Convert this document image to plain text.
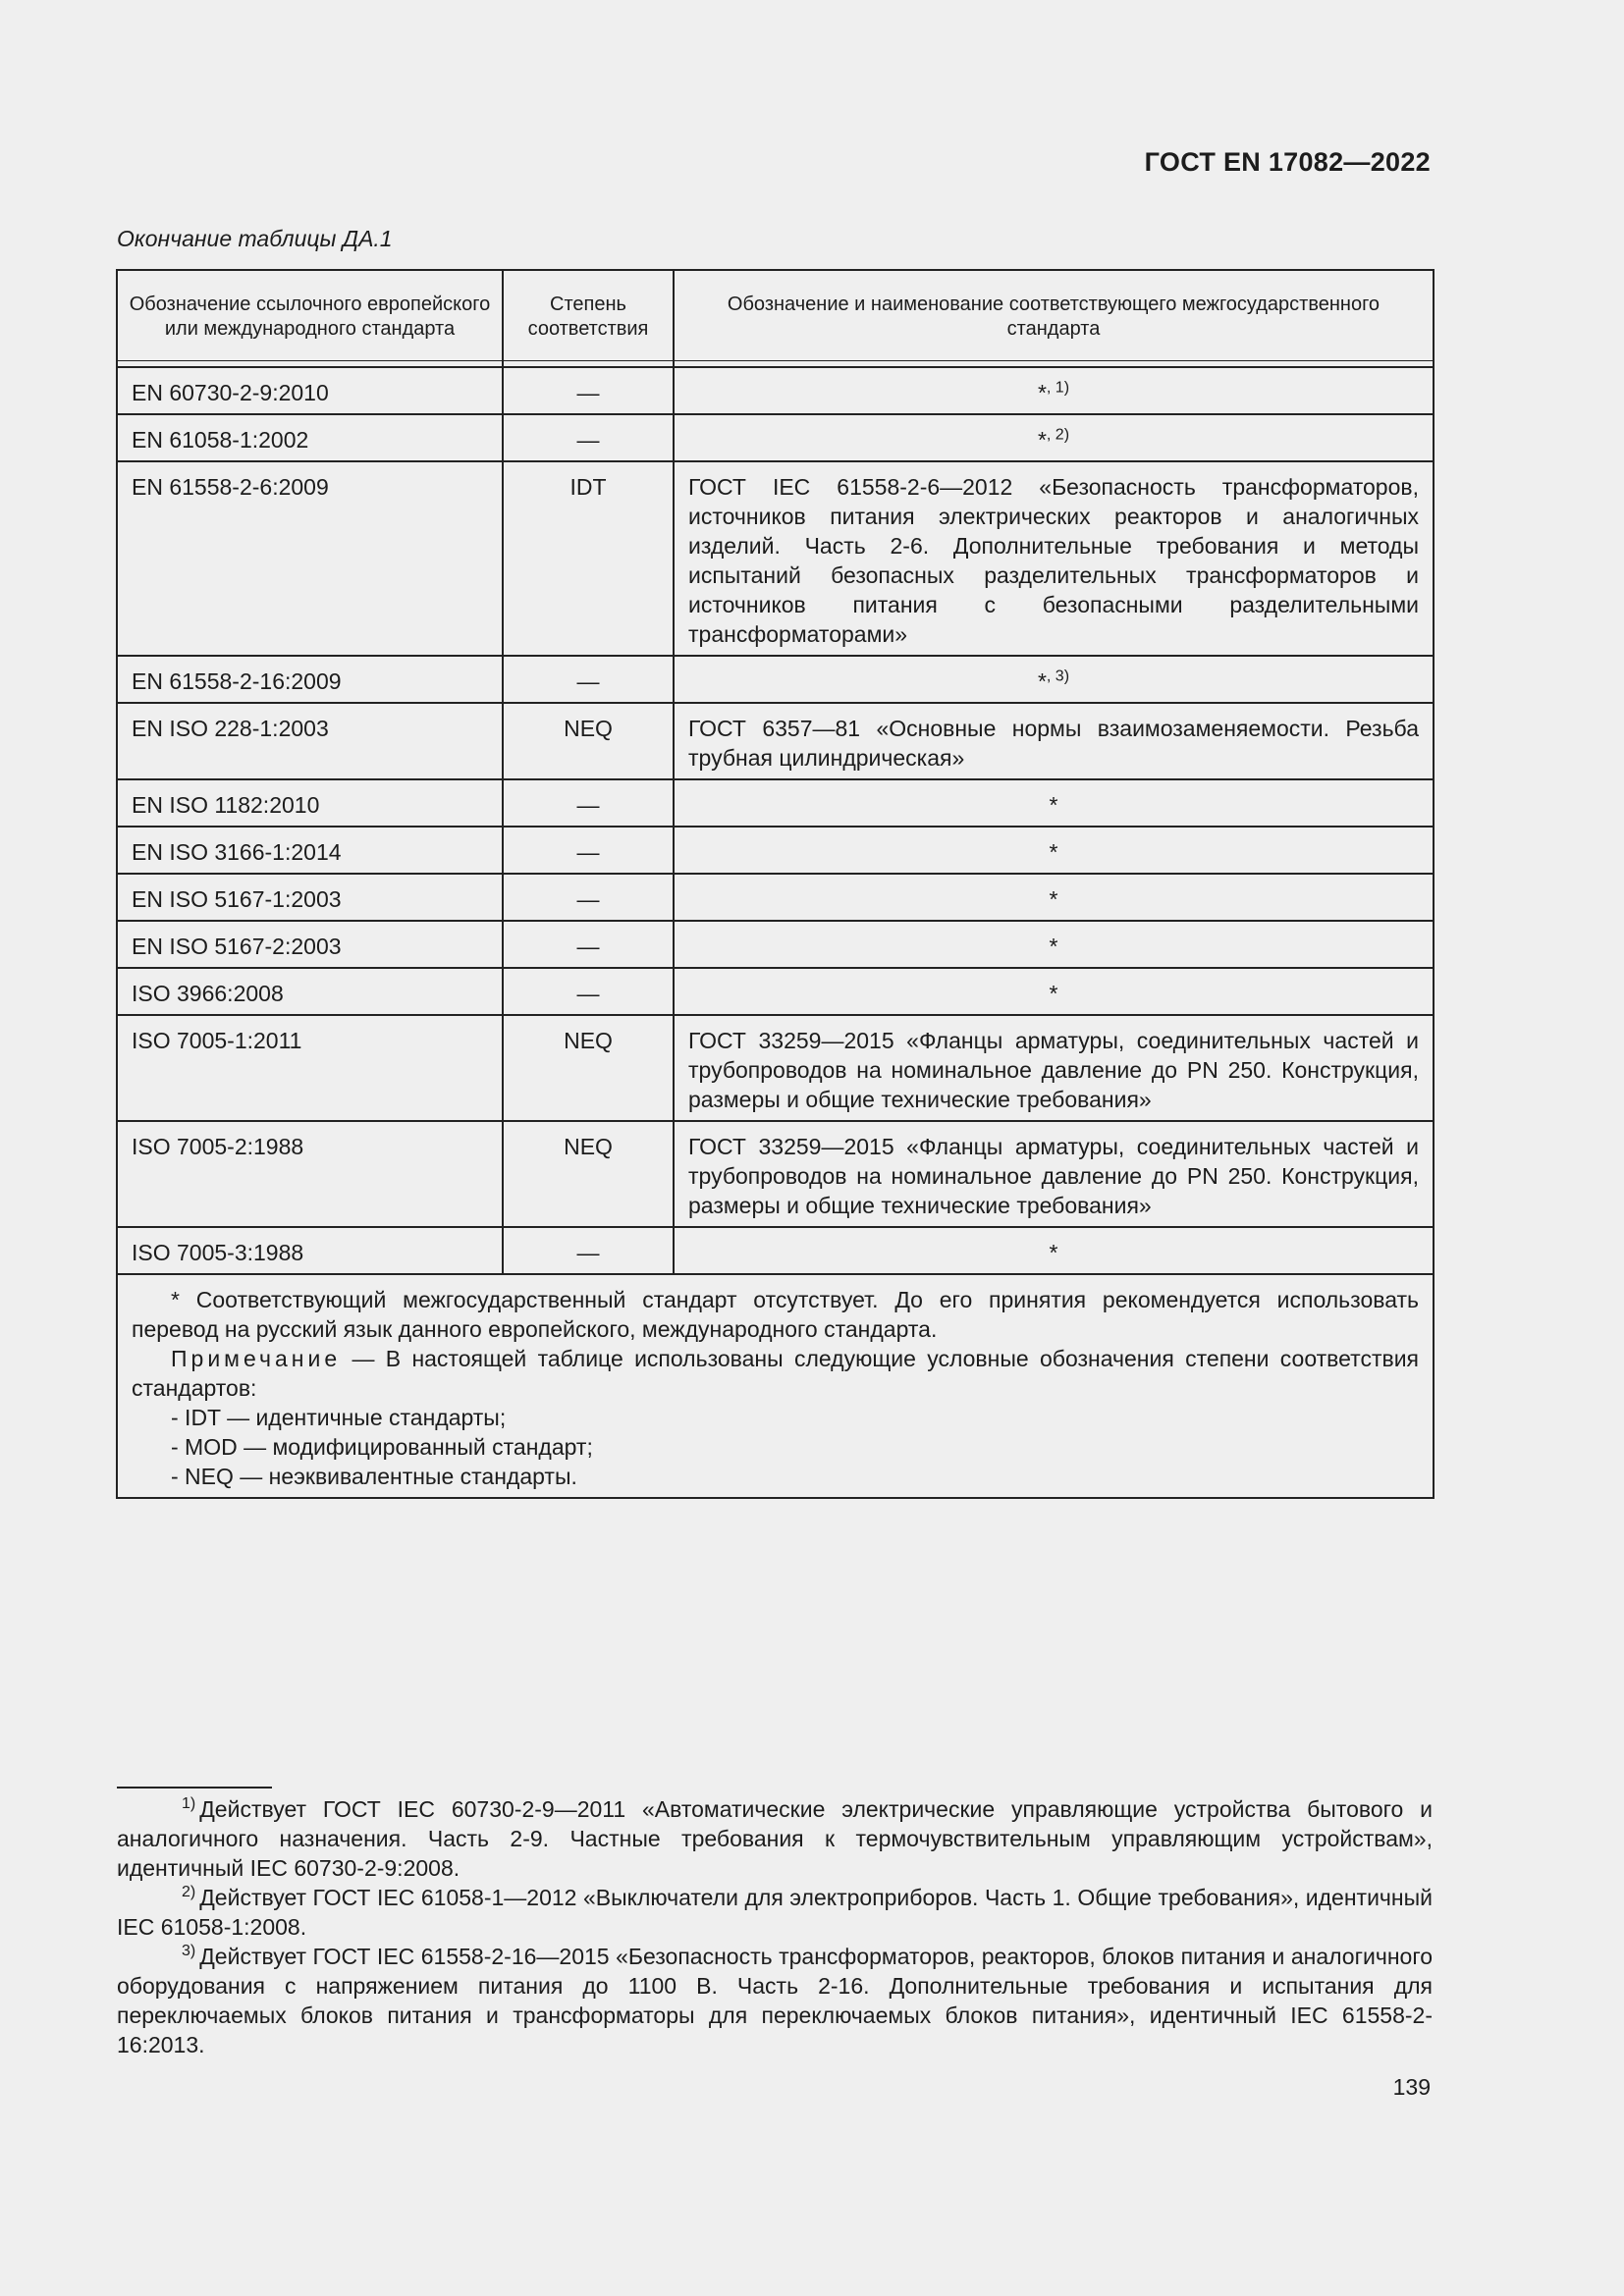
ГОСТ EN 17082—2022
Окончание таблицы ДА.1
Обозначение ссылочного европейского или международного стандарта	Степень соответствия	Обозначение и наименование соответствующего межгосударственного стандарта

EN 60730-2-9:2010	—	*$^{, 1)}$
EN 61058-1:2002	—	*$^{, 2)}$
EN 61558-2-6:2009	IDT	ГОСТ IEC 61558-2-6—2012 «Безопасность трансформаторов, источников питания электрических реакторов и аналогичных изделий. Часть 2-6. Дополнительные требования и методы испытаний безопасных разделительных трансформаторов и источников питания с безопасными разделительными трансформаторами»
EN 61558-2-16:2009	—	*$^{, 3)}$
EN ISO 228-1:2003	NEQ	ГОСТ 6357—81 «Основные нормы взаимозаменяемости. Резьба трубная цилиндрическая»
EN ISO 1182:2010	—	*
EN ISO 3166-1:2014	—	*
EN ISO 5167-1:2003	—	*
EN ISO 5167-2:2003	—	*
ISO 3966:2008	—	*
ISO 7005-1:2011	NEQ	ГОСТ 33259—2015 «Фланцы арматуры, соединительных частей и трубопроводов на номинальное давление до PN 250. Конструкция, размеры и общие технические требования»
ISO 7005-2:1988	NEQ	ГОСТ 33259—2015 «Фланцы арматуры, соединительных частей и трубопроводов на номинальное давление до PN 250. Конструкция, размеры и общие технические требования»
ISO 7005-3:1988	—	*

* Соответствующий межгосударственный стандарт отсутствует. До его принятия рекомендуется использовать перевод на русский язык данного европейского, международного стандарта.
Примечание — В настоящей таблице использованы следующие условные обозначения степени соответствия стандартов:
- IDT — идентичные стандарты;
- MOD — модифицированный стандарт;
- NEQ — неэквивалентные стандарты.		
$^{1)}$ Действует ГОСТ IEC 60730-2-9—2011 «Автоматические электрические управляющие устройства бытового и аналогичного назначения. Часть 2-9. Частные требования к термочувствительным управляющим устройствам», идентичный IEC 60730-2-9:2008.
$^{2)}$ Действует ГОСТ IEC 61058-1—2012 «Выключатели для электроприборов. Часть 1. Общие требования», идентичный IEC 61058-1:2008.
$^{3)}$ Действует ГОСТ IEC 61558-2-16—2015 «Безопасность трансформаторов, реакторов, блоков питания и аналогичного оборудования с напряжением питания до 1100 В. Часть 2-16. Дополнительные требования и испытания для переключаемых блоков питания и трансформаторы для переключаемых блоков питания», идентичный IEC 61558-2-16:2013.
139
